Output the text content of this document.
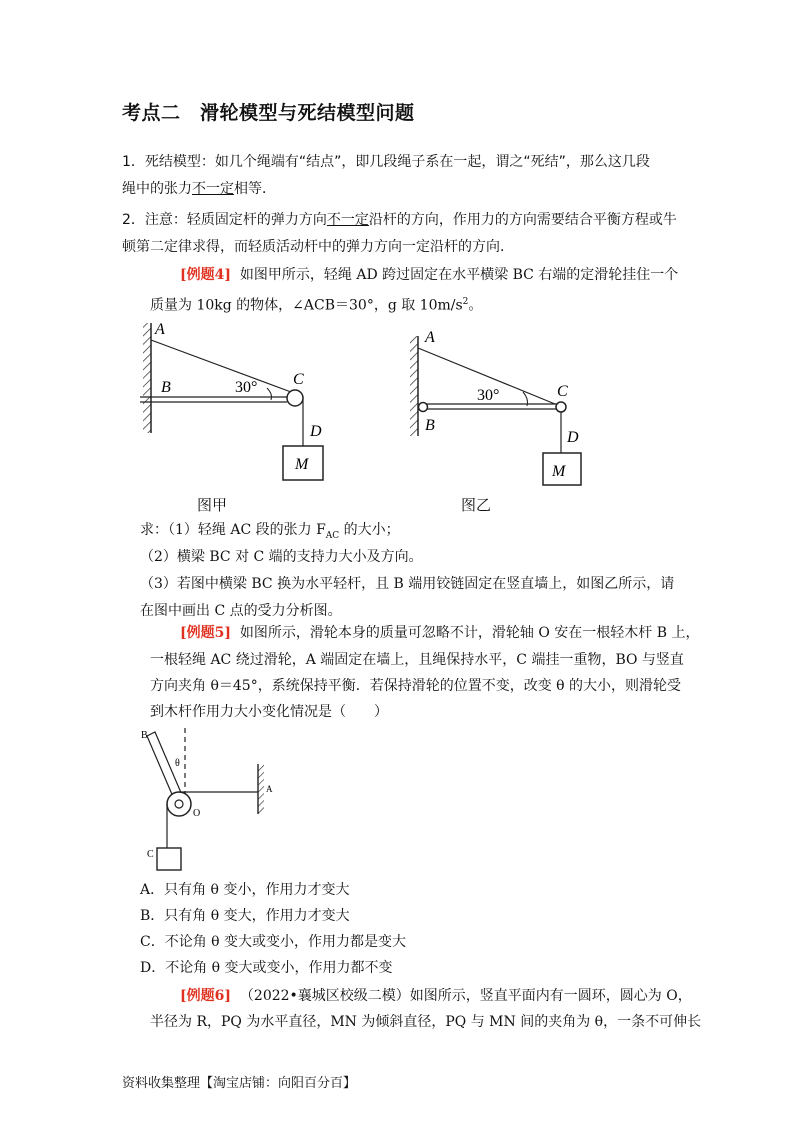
考点二　滑轮模型与死结模型问题
1．死结模型：如几个绳端有“结点”，即几段绳子系在一起，谓之“死结”，那么这几段
绳中的张力不一定相等．
2．注意：轻质固定杆的弹力方向不一定沿杆的方向，作用力的方向需要结合平衡方程或牛
顿第二定律求得，而轻质活动杆中的弹力方向一定沿杆的方向．
[例题4] 如图甲所示，轻绳 AD 跨过固定在水平横梁 BC 右端的定滑轮挂住一个
质量为 10kg 的物体，∠ACB＝30°，g 取 $10m/s^2$。
A
B	30° C
D
M
图甲
A
B
30°	C
D
M
图乙
求：（1）轻绳 AC 段的张力 $F_{AC}$ 的大小；
（2）横梁 BC 对 C 端的支持力大小及方向。
（3）若图中横梁 BC 换为水平轻杆，且 B 端用铰链固定在竖直墙上，如图乙所示，请
在图中画出 C 点的受力分析图。
[例题5] 如图所示，滑轮本身的质量可忽略不计，滑轮轴 O 安在一根轻木杆 B 上，
一根轻绳 AC 绕过滑轮，A 端固定在墙上，且绳保持水平，C 端挂一重物，BO 与竖直
方向夹角 θ＝45°，系统保持平衡．若保持滑轮的位置不变，改变 θ 的大小，则滑轮受
到木杆作用力大小变化情况是（　　）
B
θ
O
A
C
A．只有角 θ 变小，作用力才变大
B．只有角 θ 变大，作用力才变大
C．不论角 θ 变大或变小，作用力都是变大
D．不论角 θ 变大或变小，作用力都不变
[例题6] （2022•襄城区校级二模）如图所示，竖直平面内有一圆环，圆心为 O，
半径为 R，PQ 为水平直径，MN 为倾斜直径，PQ 与 MN 间的夹角为 θ，一条不可伸长
资料收集整理【淘宝店铺：向阳百分百】
